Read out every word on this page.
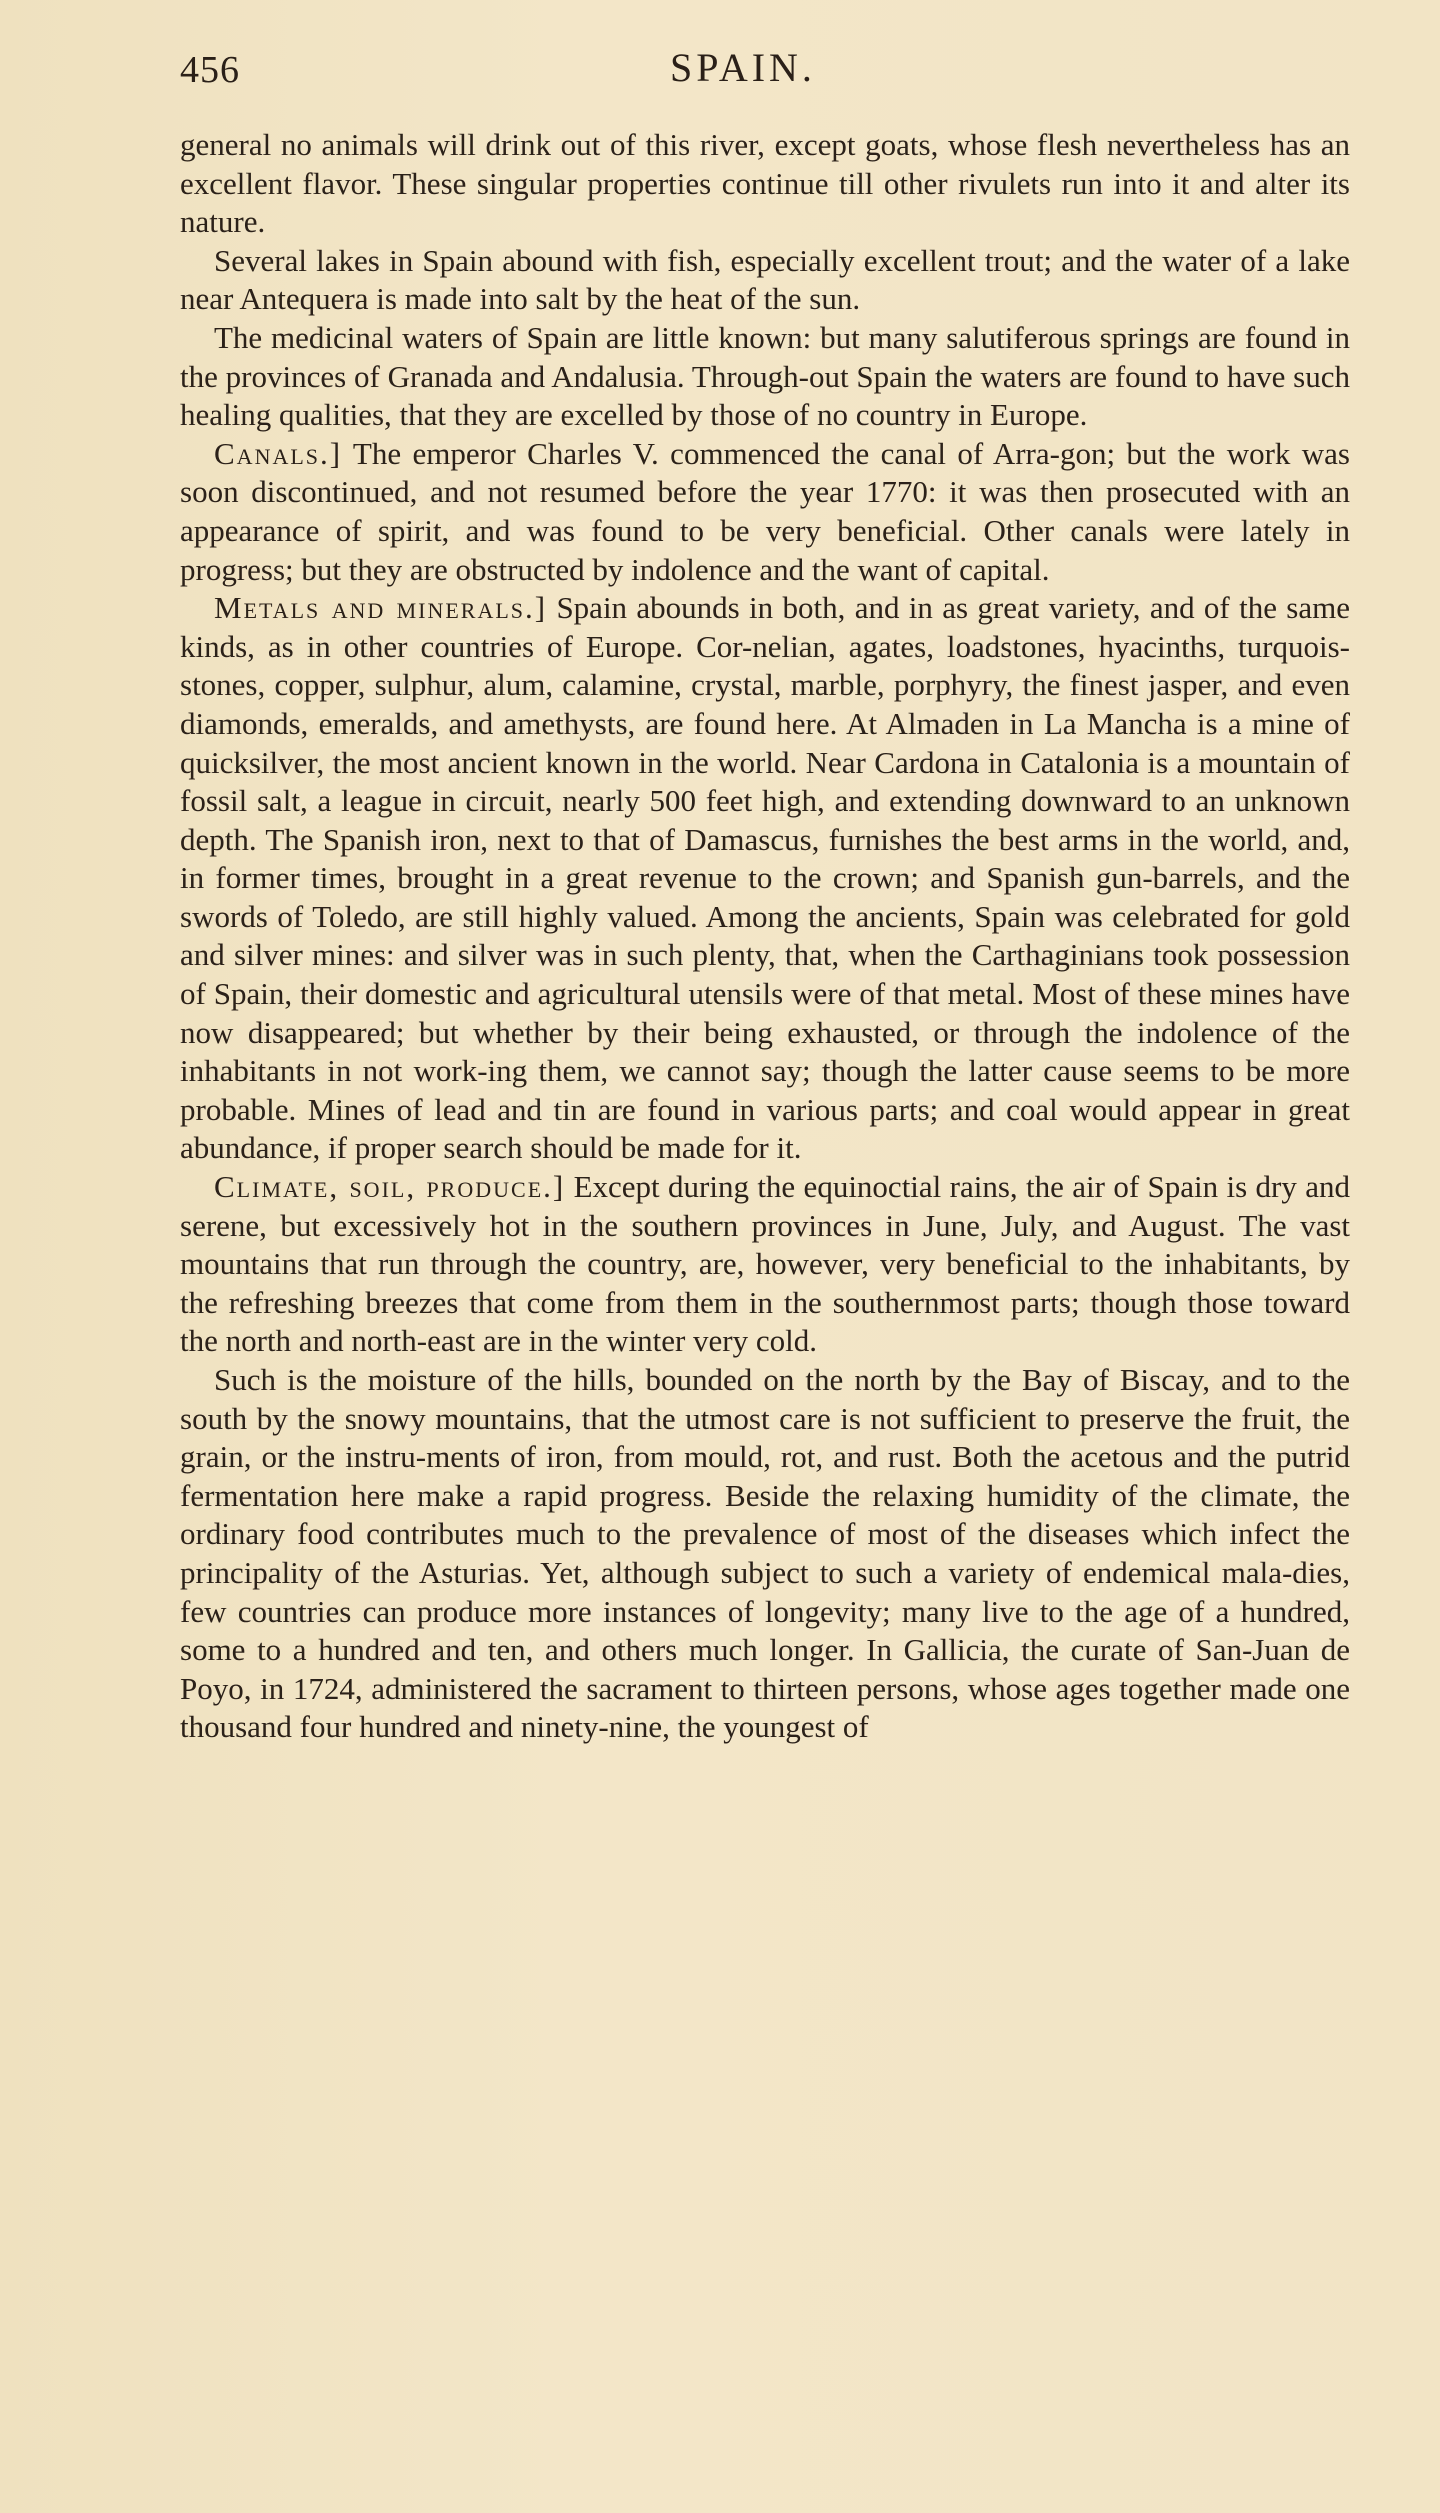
456	SPAIN.

general no animals will drink out of this river, except goats, whose flesh nevertheless has an excellent flavor. These singular properties continue till other rivulets run into it and alter its nature.

Several lakes in Spain abound with fish, especially excellent trout; and the water of a lake near Antequera is made into salt by the heat of the sun.

The medicinal waters of Spain are little known: but many salutiferous springs are found in the provinces of Granada and Andalusia. Through-out Spain the waters are found to have such healing qualities, that they are excelled by those of no country in Europe.

Canals.] The emperor Charles V. commenced the canal of Arra-gon; but the work was soon discontinued, and not resumed before the year 1770: it was then prosecuted with an appearance of spirit, and was found to be very beneficial. Other canals were lately in progress; but they are obstructed by indolence and the want of capital.

Metals and minerals.] Spain abounds in both, and in as great variety, and of the same kinds, as in other countries of Europe. Cor-nelian, agates, loadstones, hyacinths, turquois-stones, copper, sulphur, alum, calamine, crystal, marble, porphyry, the finest jasper, and even diamonds, emeralds, and amethysts, are found here. At Almaden in La Mancha is a mine of quicksilver, the most ancient known in the world. Near Cardona in Catalonia is a mountain of fossil salt, a league in circuit, nearly 500 feet high, and extending downward to an unknown depth. The Spanish iron, next to that of Damascus, furnishes the best arms in the world, and, in former times, brought in a great revenue to the crown; and Spanish gun-barrels, and the swords of Toledo, are still highly valued. Among the ancients, Spain was celebrated for gold and silver mines: and silver was in such plenty, that, when the Carthaginians took possession of Spain, their domestic and agricultural utensils were of that metal. Most of these mines have now disappeared; but whether by their being exhausted, or through the indolence of the inhabitants in not work-ing them, we cannot say; though the latter cause seems to be more probable. Mines of lead and tin are found in various parts; and coal would appear in great abundance, if proper search should be made for it.

Climate, soil, produce.] Except during the equinoctial rains, the air of Spain is dry and serene, but excessively hot in the southern provinces in June, July, and August. The vast mountains that run through the country, are, however, very beneficial to the inhabitants, by the refreshing breezes that come from them in the southernmost parts; though those toward the north and north-east are in the winter very cold.

Such is the moisture of the hills, bounded on the north by the Bay of Biscay, and to the south by the snowy mountains, that the utmost care is not sufficient to preserve the fruit, the grain, or the instru-ments of iron, from mould, rot, and rust. Both the acetous and the putrid fermentation here make a rapid progress. Beside the relaxing humidity of the climate, the ordinary food contributes much to the prevalence of most of the diseases which infect the principality of the Asturias. Yet, although subject to such a variety of endemical mala-dies, few countries can produce more instances of longevity; many live to the age of a hundred, some to a hundred and ten, and others much longer. In Gallicia, the curate of San-Juan de Poyo, in 1724, administered the sacrament to thirteen persons, whose ages together made one thousand four hundred and ninety-nine, the youngest of
